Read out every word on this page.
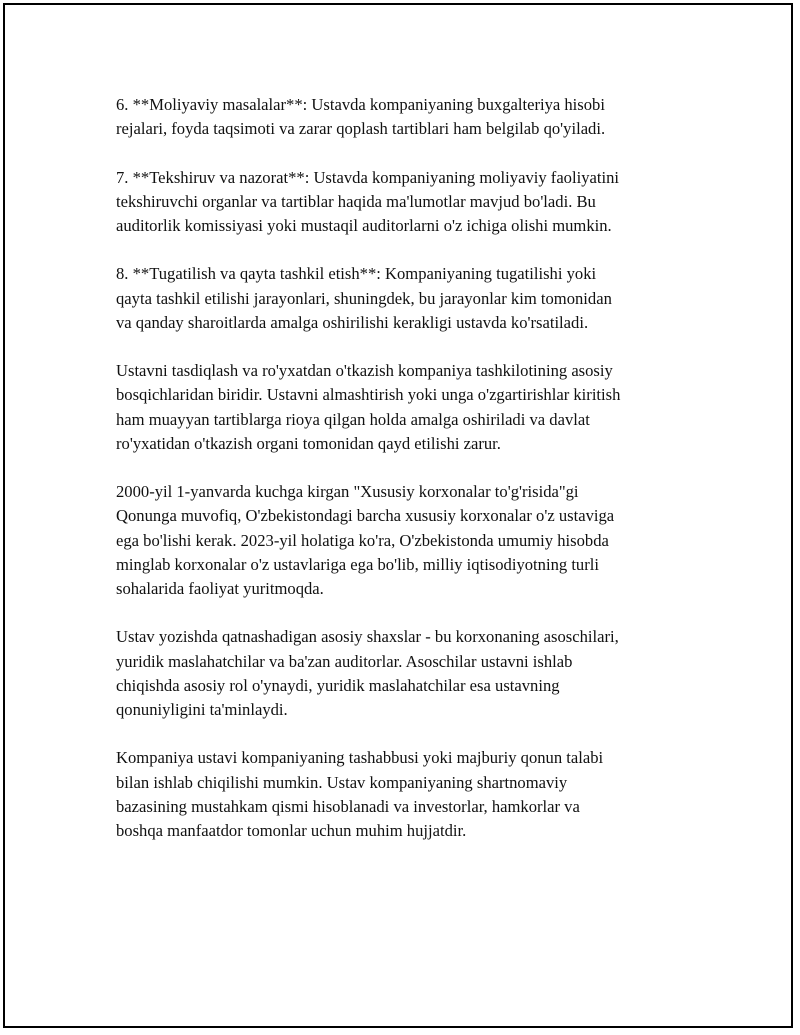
6. **Moliyaviy masalalar**: Ustavda kompaniyaning buxgalteriya hisobi
rejalari, foyda taqsimoti va zarar qoplash tartiblari ham belgilab qo'yiladi.

7. **Tekshiruv va nazorat**: Ustavda kompaniyaning moliyaviy faoliyatini
tekshiruvchi organlar va tartiblar haqida ma'lumotlar mavjud bo'ladi. Bu
auditorlik komissiyasi yoki mustaqil auditorlarni o'z ichiga olishi mumkin.

8. **Tugatilish va qayta tashkil etish**: Kompaniyaning tugatilishi yoki
qayta tashkil etilishi jarayonlari, shuningdek, bu jarayonlar kim tomonidan
va qanday sharoitlarda amalga oshirilishi kerakligi ustavda ko'rsatiladi.

Ustavni tasdiqlash va ro'yxatdan o'tkazish kompaniya tashkilotining asosiy
bosqichlaridan biridir. Ustavni almashtirish yoki unga o'zgartirishlar kiritish
ham muayyan tartiblarga rioya qilgan holda amalga oshiriladi va davlat
ro'yxatidan o'tkazish organi tomonidan qayd etilishi zarur.

2000-yil 1-yanvarda kuchga kirgan "Xususiy korxonalar to'g'risida"gi
Qonunga muvofiq, O'zbekistondagi barcha xususiy korxonalar o'z ustaviga
ega bo'lishi kerak. 2023-yil holatiga ko'ra, O'zbekistonda umumiy hisobda
minglab korxonalar o'z ustavlariga ega bo'lib, milliy iqtisodiyotning turli
sohalarida faoliyat yuritmoqda.

Ustav yozishda qatnashadigan asosiy shaxslar - bu korxonaning asoschilari,
yuridik maslahatchilar va ba'zan auditorlar. Asoschilar ustavni ishlab
chiqishda asosiy rol o'ynaydi, yuridik maslahatchilar esa ustavning
qonuniyligini ta'minlaydi.

Kompaniya ustavi kompaniyaning tashabbusi yoki majburiy qonun talabi
bilan ishlab chiqilishi mumkin. Ustav kompaniyaning shartnomaviy
bazasining mustahkam qismi hisoblanadi va investorlar, hamkorlar va
boshqa manfaatdor tomonlar uchun muhim hujjatdir.
